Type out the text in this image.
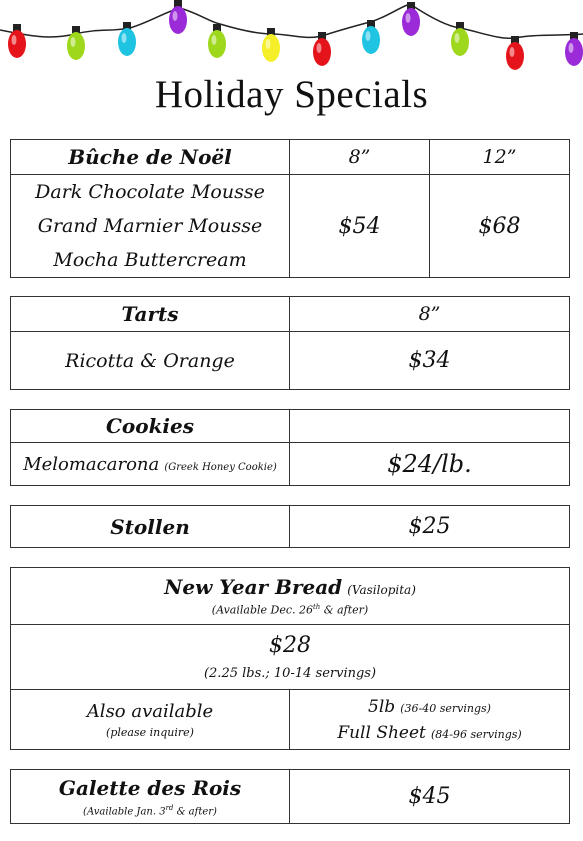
Holiday Specials
Bûche de Noël	8”	12”

Dark Chocolate Mousse
Grand Marnier Mousse
Mocha Buttercream	$54	$68
Tarts	8”
Ricotta & Orange	$34
Cookies	
Melomacarona (Greek Honey Cookie)	$24/lb.
Stollen	$25
New Year Bread (Vasilopita)
(Available Dec. 26th & after)

$28
(2.25 lbs.; 10-14 servings)

Also available
(please inquire)

5lb (36-40 servings)
Full Sheet (84-96 servings)
Galette des Rois
(Available Jan. 3rd & after)
	$45
